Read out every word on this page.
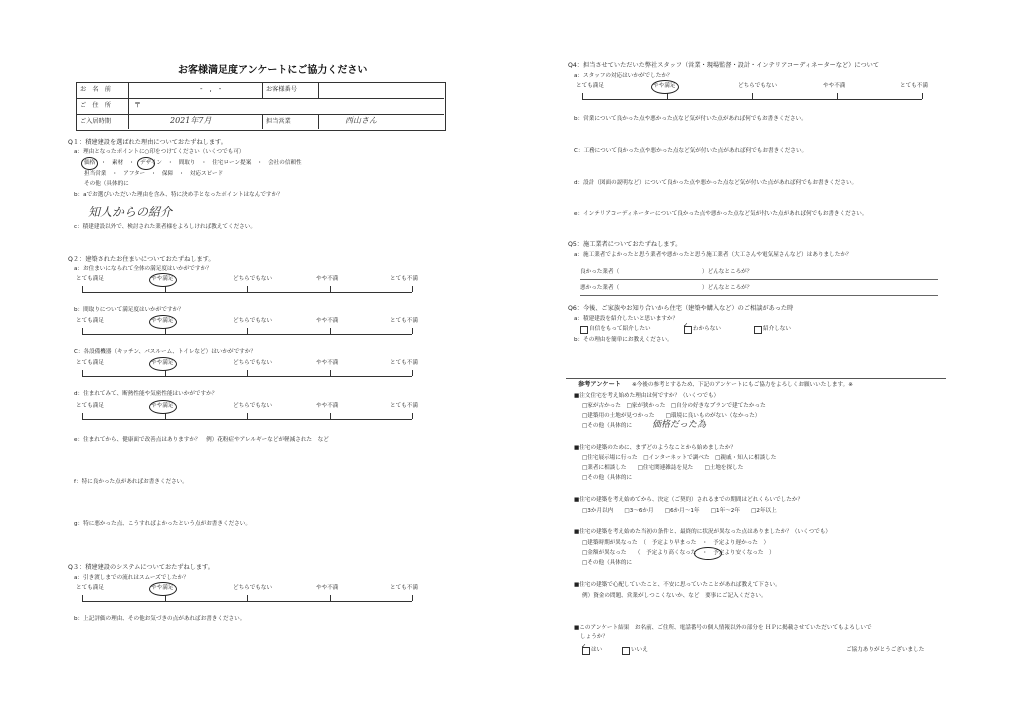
お客様満足度アンケートにご協力ください
お　名　前	-　,　-	お客様番号
ご　住　所	〒
ご入居時期	2021年7月	担当営業	西山さん
Q１：積建建設を選ばれた理由についておたずねします。
a：理由となったポイントに○印をつけてください（いくつでも可）
価格　・　素材　・　デザイン　・　間取り　・　住宅ローン提案　・　会社の信頼性
担当営業　・　アフター　・　保障　・　対応スピード
その他（具体的に
b：aでお選びいただいた理由を含み、特に決め手となったポイントはなんですか？
知人からの紹介
c：積建建設以外で、検討された業者様をよろしければ教えてください。
Q２：建築されたお住まいについておたずねします。
a：お住まいになられて全体の満足度はいかがですか？
b：間取りについて満足度はいかがですか？
C：各設備機器（キッチン、バスルーム、トイレなど）はいかがですか？
d：住まれてみて、断熱性能や気密性能はいかがですか？
e：住まれてから、健康面で改善点はありますか？　例）花粉症やアレルギーなどが軽減された　など
f：特に良かった点があればお書きください。
g：特に悪かった点、こうすればよかったという点がお書きください。
Q３：積建建設のシステムについておたずねします。
a：引き渡しまでの流れはスムーズでしたか？
b：上記評価の理由、その他お気づきの点があればお書きください。
とても満足	やや満足	どちらでもない	やや不満	とても不満
とても満足	やや満足	どちらでもない	やや不満	とても不満
とても満足	やや満足	どちらでもない	やや不満	とても不満
とても満足	やや満足	どちらでもない	やや不満	とても不満
とても満足	やや満足	どちらでもない	やや不満	とても不満
Q4：担当させていただいた弊社スタッフ（営業・現場監督・設計・インテリアコーディネーターなど）について
a：スタッフの対応はいかがでしたか？
とても満足	やや満足	どちらでもない	やや不満	とても不満
b：営業について良かった点や悪かった点など気が付いた点があれば何でもお書きください。
C：工務について良かった点や悪かった点など気が付いた点があれば何でもお書きください。
d：設計（図面の説明など）について良かった点や悪かった点など気が付いた点があれば何でもお書きください。
e：インテリアコーディネーターについて良かった点や悪かった点など気が付いた点があれば何でもお書きください。
Q5：施工業者についておたずねします。
a：施工業者でよかったと思う業者や悪かったと思う施工業者（大工さんや電気屋さんなど）はありましたか？
良かった業者（	）どんなところが？
悪かった業者（	）どんなところが？
Q6：今後、ご家族やお知り合いから住宅（建築や購入など）のご相談があった時
a：積建建設を紹介したいと思いますか？
自信をもって紹介したい	✓ わからない	紹介しない
b：その理由を簡単にお教えください。
参考アンケート ※今後の参考とするため、下記のアンケートにもご協力をよろしくお願いいたします。※
■注文住宅を考え始めた理由は何ですか？（いくつでも）
□家が古かった　□家が狭かった　□自分の好きなプランで建てたかった
□建築用の土地が見つかった　　□環境に良いものがない（なかった）
□その他（具体的に 価格だった為
■住宅の建築のために、まずどのようなことから始めましたか？
□住宅展示場に行った　□インターネットで調べた　□親戚・知人に相談した
□業者に相談した　　□住宅関連雑誌を見た　　□土地を探した
□その他（具体的に
■住宅の建築を考え始めてから、決定（ご契約）されるまでの期間はどれくらいでしたか？
□3か月以内　　□3～6か月　　□6か月～1年　　□1年～2年　　□2年以上
■住宅の建築を考え始めた当初の条件と、最終的に状況が異なった点はありましたか？（いくつでも）
□建築時期が異なった　（　予定より早まった　・　予定より遅かった　）
□金額が異なった　　（　予定より高くなった　・　予定より安くなった　）
□その他（具体的に
■住宅の建築で心配していたこと、不安に思っていたことがあれば教えて下さい。
例）資金の問題、営業がしつこくないか、など　要事にご記入ください。
■このアンケート結果　お名前、ご住所、電話番号の個人情報以外の部分を ＨＰに掲載させていただいてもよろしいで
しょうか？
✓ はい	いいえ	ご協力ありがとうございました
